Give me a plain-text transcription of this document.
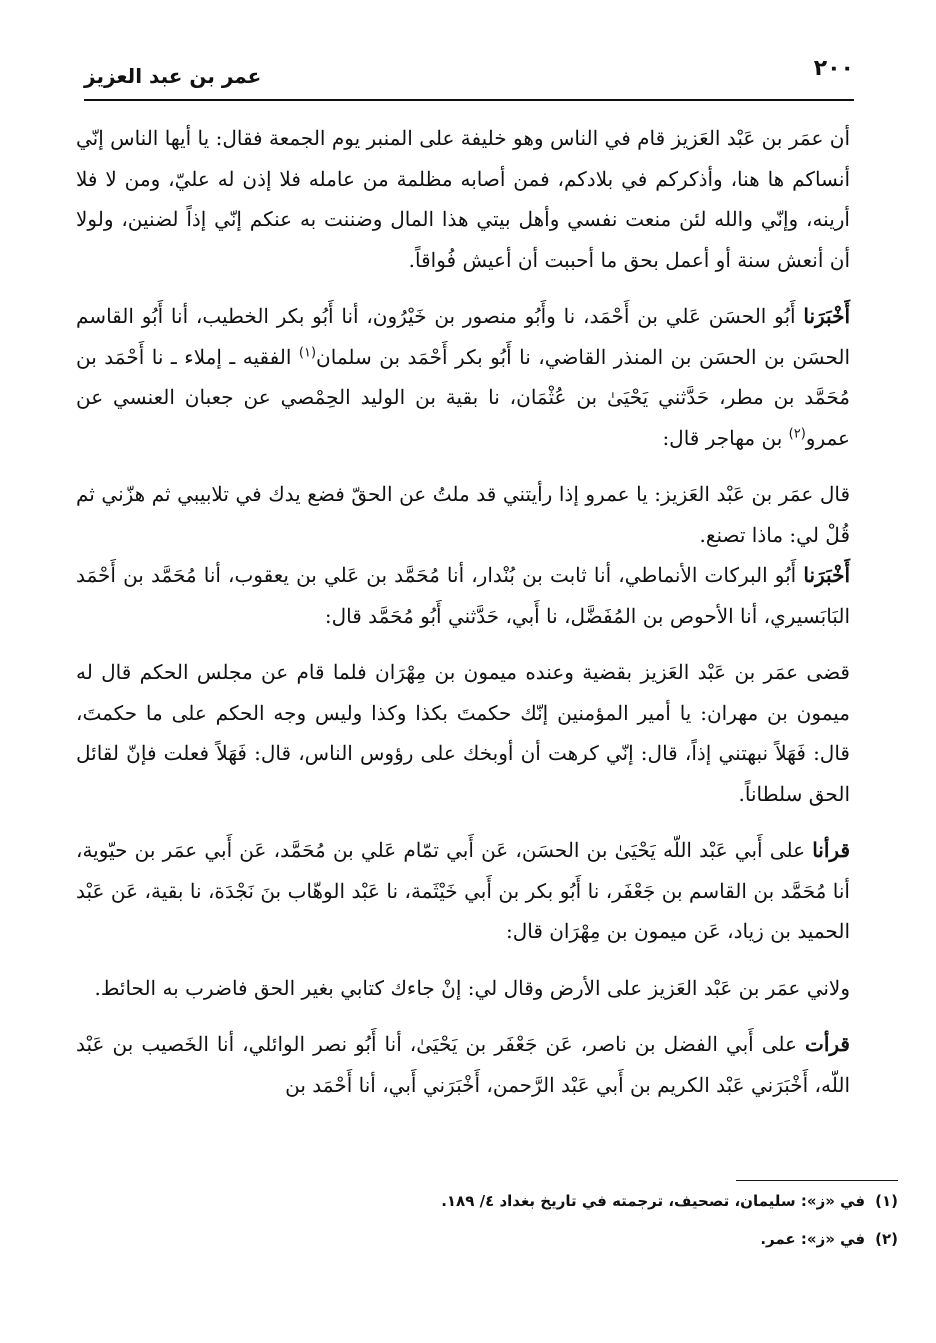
٢٠٠
عمر بن عبد العزيز

أن عمَر بن عَبْد العَزيز قام في الناس وهو خليفة على المنبر يوم الجمعة فقال: يا أيها الناس إنّي أنساكم ها هنا، وأذكركم في بلادكم، فمن أصابه مظلمة من عامله فلا إذن له عليّ، ومن لا فلا أرينه، وإنّي والله لئن منعت نفسي وأهل بيتي هذا المال وضننت به عنكم إنّي إذاً لضنين، ولولا أن أنعش سنة أو أعمل بحق ما أحببت أن أعيش فُواقاً.

أَخْبَرَنا أَبُو الحسَن عَلي بن أَحْمَد، نا وأَبُو منصور بن خَيْرُون، أنا أَبُو بكر الخطيب، أنا أَبُو القاسم الحسَن بن الحسَن بن المنذر القاضي، نا أَبُو بكر أَحْمَد بن سلمان$^{(١)}$ الفقيه ـ إملاء ـ نا أَحْمَد بن مُحَمَّد بن مطر، حَدَّثني يَحْيَىٰ بن عُثْمَان، نا بقية بن الوليد الحِمْصي عن جعبان العنسي عن عمرو$^{(٢)}$ بن مهاجر قال:

قال عمَر بن عَبْد العَزيز: يا عمرو إذا رأيتني قد ملتُ عن الحقّ فضع يدك في تلابيبي ثم هزّني ثم قُلْ لي: ماذا تصنع.

أَخْبَرَنا أَبُو البركات الأنماطي، أنا ثابت بن بُنْدار، أنا مُحَمَّد بن عَلي بن يعقوب، أنا مُحَمَّد بن أَحْمَد البَابَسيري، أنا الأحوص بن المُفَضَّل، نا أَبي، حَدَّثني أَبُو مُحَمَّد قال:

قضى عمَر بن عَبْد العَزيز بقضية وعنده ميمون بن مِهْرَان فلما قام عن مجلس الحكم قال له ميمون بن مهران: يا أمير المؤمنين إنّك حكمتَ بكذا وكذا وليس وجه الحكم على ما حكمتَ، قال: فَهَلاً نبهتني إذاً، قال: إنّي كرهت أن أوبخك على رؤوس الناس، قال: فَهَلاً فعلت فإنّ لقائل الحق سلطاناً.

قرأنا على أَبي عَبْد اللّه يَحْيَىٰ بن الحسَن، عَن أَبي تمّام عَلي بن مُحَمَّد، عَن أَبي عمَر بن حيّوية، أنا مُحَمَّد بن القاسم بن جَعْفَر، نا أَبُو بكر بن أَبي خَيْثَمة، نا عَبْد الوهّاب بنَ نَجْدَة، نا بقية، عَن عَبْد الحميد بن زياد، عَن ميمون بن مِهْرَان قال:

ولاني عمَر بن عَبْد العَزيز على الأرض وقال لي: إنْ جاءك كتابي بغير الحق فاضرب به الحائط.

قرأت على أَبي الفضل بن ناصر، عَن جَعْفَر بن يَحْيَىٰ، أنا أَبُو نصر الوائلي، أنا الخَصيب بن عَبْد اللّه، أَخْبَرَني عَبْد الكريم بن أَبي عَبْد الرَّحمن، أَخْبَرَني أَبي، أنا أَحْمَد بن

(١)في «ز»: سليمان، تصحيف، ترجمته في تاريخ بغداد ٤/ ١٨٩.

(٢)في «ز»: عمر.
